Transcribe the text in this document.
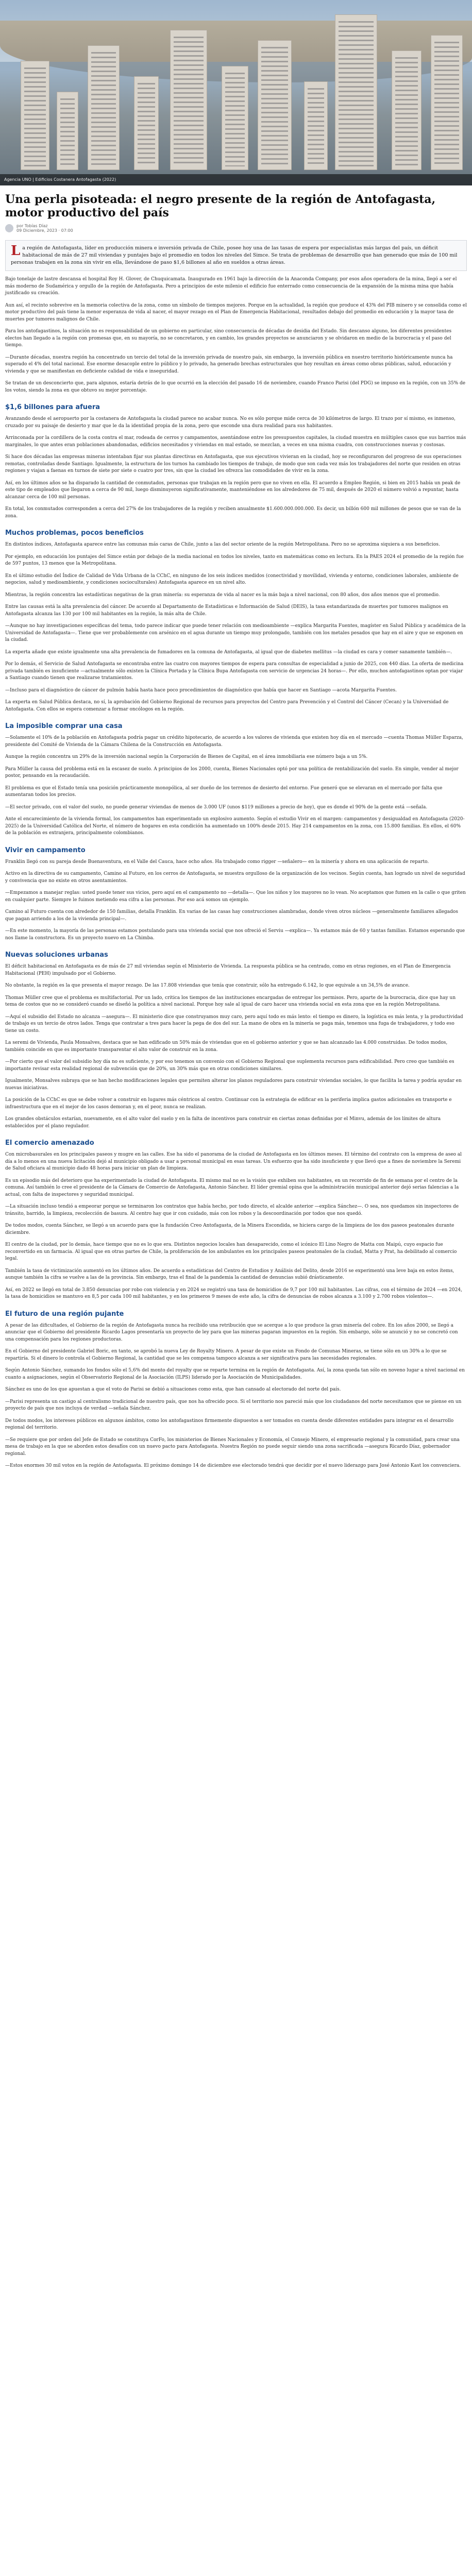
Agencia UNO | Edificios Costanera Antofagasta (2022)
Una perla pisoteada: el negro presente de la región de Antofagasta, motor productivo del país
por Tobías Díaz
09 Diciembre, 2023 · 07:00
La región de Antofagasta, líder en producción minera e inversión privada de Chile, posee hoy una de las tasas de espera por especialistas más largas del país, un déficit habitacional de más de 27 mil viviendas y puntajes bajo el promedio en todos los niveles del Simce. Se trata de problemas de desarrollo que han generado que más de 100 mil personas trabajen en la zona sin vivir en ella, llevándose de paso $1,6 billones al año en sueldos a otras áreas.

Bajo tonelaje de lastre descansa el hospital Roy H. Glover, de Chuquicamata. Inaugurado en 1961 bajo la dirección de la Anaconda Company, por esos años operadora de la mina, llegó a ser el más moderno de Sudamérica y orgullo de la región de Antofagasta. Pero a principios de este milenio el edificio fue enterrado como consecuencia de la expansión de la misma mina que había justificado su creación.

Aun así, el recinto sobrevive en la memoria colectiva de la zona, como un símbolo de tiempos mejores. Porque en la actualidad, la región que produce el 43% del PIB minero y se consolida como el motor productivo del país tiene la menor esperanza de vida al nacer, el mayor rezago en el Plan de Emergencia Habitacional, resultados debajo del promedio en educación y la mayor tasa de muertes por tumores malignos de Chile.

Para los antofagastinos, la situación no es responsabilidad de un gobierno en particular, sino consecuencia de décadas de desidia del Estado. Sin descanso alguno, los diferentes presidentes electos han llegado a la región con promesas que, en su mayoría, no se concretaron, y en cambio, los grandes proyectos se anunciaron y se olvidaron en medio de la burocracia y el paso del tiempo.

—Durante décadas, nuestra región ha concentrado un tercio del total de la inversión privada de nuestro país, sin embargo, la inversión pública en nuestro territorio históricamente nunca ha superado el 4% del total nacional. Ese enorme desacople entre lo público y lo privado, ha generado brechas estructurales que hoy resultan en áreas como obras públicas, salud, educación y vivienda y que se manifiestan en deficiente calidad de vida e inseguridad.

Se tratan de un desconcierto que, para algunos, estaría detrás de lo que ocurrió en la elección del pasado 16 de noviembre, cuando Franco Parisi (del PDG) se impuso en la región, con un 35% de los votos, siendo la zona en que obtuvo su mejor porcentaje.

$1,6 billones para afuera

Avanzando desde el aeropuerto por la costanera de Antofagasta la ciudad parece no acabar nunca. No es sólo porque mide cerca de 30 kilómetros de largo. El trazo por sí mismo, es inmenso, cruzado por su paisaje de desierto y mar que le da la identidad propia de la zona, pero que esconde una dura realidad para sus habitantes.

Arrinconada por la cordillera de la costa contra el mar, rodeada de cerros y campamentos, asentándose entre los presupuestos capitales, la ciudad muestra en múltiples casos que sus barrios más marginales, lo que antes eran poblaciones abandonadas, edificios necesitados y viviendas en mal estado, se mezclan, a veces en una misma cuadra, con construcciones nuevas y costosas.

Si hace dos décadas las empresas mineras intentaban fijar sus plantas directivas en Antofagasta, que sus ejecutivos vivieran en la ciudad, hoy se reconfiguraron del progreso de sus operaciones remotas, controladas desde Santiago. Igualmente, la estructura de los turnos ha cambiado los tiempos de trabajo, de modo que son cada vez más los trabajadores del norte que residen en otras regiones y viajan a faenas en turnos de siete por siete o cuatro por tres, sin que la ciudad les ofrezca las comodidades de vivir en la zona.

Así, en los últimos años se ha disparado la cantidad de conmutados, personas que trabajan en la región pero que no viven en ella. El acuerdo a Empleo Región, si bien en 2015 había un peak de este tipo de empleados que llegaron a cerca de 90 mil, luego disminuyeron significativamente, manteniéndose en los alrededores de 75 mil, después de 2020 el número volvió a repuntar, hasta alcanzar cerca de 100 mil personas.

En total, los conmutados corresponden a cerca del 27% de los trabajadores de la región y reciben anualmente $1.600.000.000.000. Es decir, un billón 600 mil millones de pesos que se van de la zona.

Muchos problemas, pocos beneficios

En distintos índices, Antofagasta aparece entre las comunas más caras de Chile, junto a las del sector oriente de la región Metropolitana. Pero no se aproxima siquiera a sus beneficios.

Por ejemplo, en educación los puntajes del Simce están por debajo de la media nacional en todos los niveles, tanto en matemáticas como en lectura. En la PAES 2024 el promedio de la región fue de 597 puntos, 13 menos que la Metropolitana.

En el último estudio del Índice de Calidad de Vida Urbana de la CChC, en ninguno de los seis índices medidos (conectividad y movilidad, vivienda y entorno, condiciones laborales, ambiente de negocios, salud y medioambiente, y condiciones socioculturales) Antofagasta aparece en un nivel alto.

Mientras, la región concentra las estadísticas negativas de la gran minería: su esperanza de vida al nacer es la más baja a nivel nacional, con 80 años, dos años menos que el promedio.

Entre las causas está la alta prevalencia del cáncer. De acuerdo al Departamento de Estadísticas e Información de Salud (DEIS), la tasa estandarizada de muertes por tumores malignos en Antofagasta alcanza las 130 por 100 mil habitantes en la región, la más alta de Chile.

—Aunque no hay investigaciones específicas del tema, todo parece indicar que puede tener relación con medioambiente —explica Margarita Fuentes, magíster en Salud Pública y académica de la Universidad de Antofagasta—. Tiene que ver probablemente con arsénico en el agua durante un tiempo muy prolongado, también con los metales pesados que hay en el aire y que se exponen en la ciudad.

La experta añade que existe igualmente una alta prevalencia de fumadores en la comuna de Antofagasta, al igual que de diabetes mellitus —la ciudad es cara y comer sanamente también—.

Por lo demás, el Servicio de Salud Antofagasta se encontraba entre las cuatro con mayores tiempos de espera para consultas de especialidad a junio de 2025, con 440 días. La oferta de medicina privada también es insuficiente —actualmente sólo existen la Clínica Portada y la Clínica Bupa Antofagasta con servicio de urgencias 24 horas—. Por ello, muchos antofagastinos optan por viajar a Santiago cuando tienen que realizarse tratamientos.

—Incluso para el diagnóstico de cáncer de pulmón había hasta hace poco procedimientos de diagnóstico que había que hacer en Santiago —acota Margarita Fuentes.

La experta en Salud Pública destaca, no sí, la aprobación del Gobierno Regional de recursos para proyectos del Centro para Prevención y el Control del Cáncer (Cecan) y la Universidad de Antofagasta. Con ellos se espera comenzar a formar oncólogos en la región.

La imposible comprar una casa

—Solamente el 10% de la población en Antofagasta podría pagar un crédito hipotecario, de acuerdo a los valores de vivienda que existen hoy día en el mercado —cuenta Thomas Müller Esparza, presidente del Comité de Vivienda de la Cámara Chilena de la Construcción en Antofagasta.

Aunque la región concentra un 29% de la inversión nacional según la Corporación de Bienes de Capital, en el área inmobiliaria ese número baja a un 5%.

Para Müller la causa del problema está en la escasez de suelo. A principios de los 2000, cuenta, Bienes Nacionales optó por una política de rentabilización del suelo. En simple, vender al mejor postor, pensando en la recaudación.

El problema es que el Estado tenía una posición prácticamente monopólica, al ser dueño de los terrenos de desierto del entorno. Fue generó que se elevaran en el mercado por falta que aumentaran todos los precios.

—El sector privado, con el valor del suelo, no puede generar viviendas de menos de 3.000 UF (unos $119 millones a precio de hoy), que es donde el 90% de la gente está —señala.

Ante el encarecimiento de la vivienda formal, los campamentos han experimentado un explosivo aumento. Según el estudio Vivir en el margen: campamentos y desigualdad en Antofagasta (2020-2025) de la Universidad Católica del Norte, el número de hogares en esta condición ha aumentado un 100% desde 2015. Hay 214 campamentos en la zona, con 15.800 familias. En ellos, el 60% de la población es extranjera, principalmente colombianos.

Vivir en campamento

Franklin llegó con su pareja desde Buenaventura, en el Valle del Cauca, hace ocho años. Ha trabajado como rigger —señalero— en la minería y ahora en una aplicación de reparto.

Activo en la directiva de su campamento, Camino al Futuro, en los cerros de Antofagasta, se muestra orgulloso de la organización de los vecinos. Según cuenta, han logrado un nivel de seguridad y convivencia que no existe en otros asentamientos.

—Empezamos a manejar reglas: usted puede tener sus vicios, pero aquí en el campamento no —detalla—. Que los niños y los mayores no lo vean. No aceptamos que fumen en la calle o que griten en cualquier parte. Siempre le fuimos metiendo esa cifra a las personas. Por eso acá somos un ejemplo.

Camino al Futuro cuenta con alrededor de 150 familias, detalla Franklin. En varias de las casas hay construcciones alambradas, donde viven otros núcleos —generalmente familiares allegados que pagan arriendo a los de la vivienda principal—.

—En este momento, la mayoría de las personas estamos postulando para una vivienda social que nos ofreció el Serviu —explica—. Ya estamos más de 60 y tantas familias. Estamos esperando que nos llame la constructora. Es un proyecto nuevo en La Chimba.

Nuevas soluciones urbanas

El déficit habitacional en Antofagasta es de más de 27 mil viviendas según el Ministerio de Vivienda. La respuesta pública se ha centrado, como en otras regiones, en el Plan de Emergencia Habitacional (PEH) impulsado por el Gobierno.

No obstante, la región es la que presenta el mayor rezago. De las 17.808 viviendas que tenía que construir, sólo ha entregado 6.142, lo que equivale a un 34,5% de avance.

Thomas Müller cree que el problema es multifactorial. Por un lado, critica los tiempos de las instituciones encargadas de entregar los permisos. Pero, aparte de la burocracia, dice que hay un tema de costos que no se consideró cuando se diseñó la política a nivel nacional. Porque hoy sale al igual de caro hacer una vivienda social en esta zona que en la región Metropolitana.

—Aquí el subsidio del Estado no alcanza —asegura—. El ministerio dice que construyamos muy caro, pero aquí todo es más lento: el tiempo es dinero, la logística es más lenta, y la productividad de trabajo es un tercio de otros lados. Tenga que contratar a tres para hacer la pega de dos del sur. La mano de obra en la minería se paga más, tenemos una fuga de trabajadores, y todo eso tiene un costo.

La seremi de Vivienda, Paula Monsalves, destaca que se han edificado un 50% más de viviendas que en el gobierno anterior y que se han alcanzado las 4.000 construidas. De todos modos, también coincide en que es importante transparentar el alto valor de construir en la zona.

—Por cierto que el valor del subsidio hoy día no es suficiente, y por eso tenemos un convenio con el Gobierno Regional que suplementa recursos para edificabilidad. Pero creo que también es importante revisar esta realidad regional de subvención que de 20%, un 30% más que en otras condiciones similares.

Igualmente, Monsalves subraya que se han hecho modificaciones legales que permiten alterar los planos reguladores para construir viviendas sociales, lo que facilita la tarea y podría ayudar en nuevas iniciativas.

La posición de la CChC es que se debe volver a construir en lugares más céntricos al centro. Continuar con la estrategia de edificar en la periferia implica gastos adicionales en transporte e infraestructura que en el mejor de los casos demoran y, en el peor, nunca se realizan.

Los grandes obstáculos estarían, nuevamente, en el alto valor del suelo y en la falta de incentivos para construir en ciertas zonas definidas por el Minvu, además de los límites de altura establecidos por el plano regulador.

El comercio amenazado

Con microbasurales en los principales paseos y mugre en las calles. Ese ha sido el panorama de la ciudad de Antofagasta en los últimos meses. El término del contrato con la empresa de aseo al día a lo menos en una nueva licitación dejó al municipio obligado a usar a personal municipal en esas tareas. Un esfuerzo que ha sido insuficiente y que llevó que a fines de noviembre la Seremi de Salud oficiara al municipio dado 48 horas para iniciar un plan de limpieza.

Es un episodio más del deterioro que ha experimentado la ciudad de Antofagasta. El mismo mal no es la visión que exhiben sus habitantes, en un recorrido de fin de semana por el centro de la comuna. Así también lo cree el presidente de la Cámara de Comercio de Antofagasta, Antonio Sánchez. El líder gremial opina que la administración municipal anterior dejó serias falencias a la actual, con falta de inspectores y seguridad municipal.

—La situación incluso tendió a empeorar porque se terminaron los contratos que había hecho, por todo directo, el alcalde anterior —explica Sánchez—. O sea, nos quedamos sin inspectores de tránsito, barrido, la limpieza, recolección de basura. Al centro hay que ir con cuidado, más con los robos y la descoordinación por todos que nos quedó.

De todos modos, cuenta Sánchez, se llegó a un acuerdo para que la fundación Creo Antofagasta, de la Minera Escondida, se hiciera cargo de la limpieza de los dos paseos peatonales durante diciembre.

El centro de la ciudad, por lo demás, hace tiempo que no es lo que era. Distintos negocios locales han desaparecido, como el icónico El Lino Negro de Matta con Maipú, cuyo espacio fue reconvertido en un farmacia. Al igual que en otras partes de Chile, la proliferación de los ambulantes en los principales paseos peatonales de la ciudad, Matta y Prat, ha debilitado al comercio legal.

También la tasa de victimización aumentó en los últimos años. De acuerdo a estadísticas del Centro de Estudios y Análisis del Delito, desde 2016 se experimentó una leve baja en estos ítems, aunque también la cifra se vuelve a las de la provincia. Sin embargo, tras el final de la pandemia la cantidad de denuncias subió drásticamente.

Así, en 2022 se llegó en total de 3.850 denuncias por robo con violencia y en 2024 se registró una tasa de homicidios de 9,7 por 100 mil habitantes. Las cifras, con el término de 2024 —en 2024, la tasa de homicidios se mantuvo en 8,5 por cada 100 mil habitantes, y en los primeros 9 meses de este año, la cifra de denuncias de robos alcanza a 3.100 y 2.700 robos violentos—.

El futuro de una región pujante

A pesar de las dificultades, el Gobierno de la región de Antofagasta nunca ha recibido una retribución que se acerque a lo que produce la gran minería del cobre. En los años 2000, se llegó a anunciar que el Gobierno del presidente Ricardo Lagos presentaría un proyecto de ley para que las mineras pagaran impuestos en la región. Sin embargo, sólo se anunció y no se concretó con una compensación para los regiones productoras.

En el Gobierno del presidente Gabriel Boric, en tanto, se aprobó la nueva Ley de Royalty Minero. A pesar de que existe un Fondo de Comunas Mineras, se tiene sólo en un 30% a lo que se repartiría. Si el dinero lo controla el Gobierno Regional, la cantidad que se les compensa tampoco alcanza a ser significativa para las necesidades regionales.

Según Antonio Sánchez, sumando los fondos sólo el 5,6% del monto del royalty que se reparte termina en la región de Antofagasta. Así, la zona queda tan sólo en noveno lugar a nivel nacional en cuanto a asignaciones, según el Observatorio Regional de la Asociación (ILPS) liderado por la Asociación de Municipalidades.

Sánchez es uno de los que apuestan a que el voto de Parisi se debió a situaciones como esta, que han cansado al electorado del norte del país.

—Parisi representa un castigo al centralismo tradicional de nuestro país, que nos ha ofrecido poco. Si el territorio nos pareció más que los ciudadanos del norte necesitamos que se piense en un proyecto de país que nos incluya de verdad —señala Sánchez.

De todos modos, los intereses públicos en algunos ámbitos, como los antofagastinos firmemente dispuestos a ser tomados en cuenta desde diferentes entidades para integrar en el desarrollo regional del territorio.

—Se requiere que por orden del Jefe de Estado se constituya CorFo, los ministerios de Bienes Nacionales y Economía, el Consejo Minero, el empresario regional y la comunidad, para crear una mesa de trabajo en la que se aborden estos desafíos con un nuevo pacto para Antofagasta. Nuestra Región no puede seguir siendo una zona sacrificada —asegura Ricardo Díaz, gobernador regional.

—Estos enormes 30 mil votos en la región de Antofagasta. El próximo domingo 14 de diciembre ese electorado tendrá que decidir por el nuevo liderazgo para José Antonio Kast los convenciera.
